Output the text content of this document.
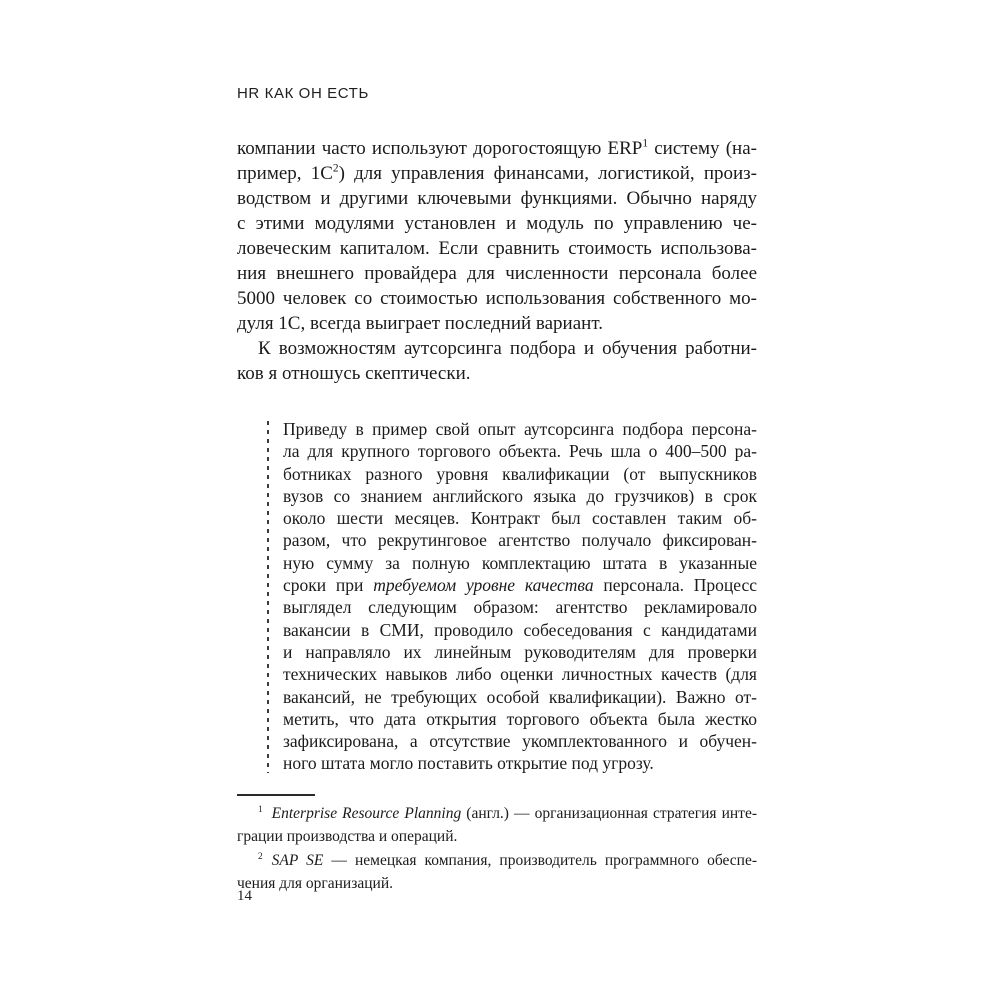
HR КАК ОН ЕСТЬ
компании часто используют дорогостоящую ERP$^1$ систему (на-
пример, $1С^2$) для управления финансами, логистикой, произ-
водством и другими ключевыми функциями. Обычно наряду
с этими модулями установлен и модуль по управлению че-
ловеческим капиталом. Если сравнить стоимость использова-
ния внешнего провайдера для численности персонала более
5000 человек со стоимостью использования собственного мо-
дуля 1С, всегда выиграет последний вариант.
К возможностям аутсорсинга подбора и обучения работни-
ков я отношусь скептически.
Приведу в пример свой опыт аутсорсинга подбора персона-
ла для крупного торгового объекта. Речь шла о 400–500 ра-
ботниках разного уровня квалификации (от выпускников
вузов со знанием английского языка до грузчиков) в срок
около шести месяцев. Контракт был составлен таким об-
разом, что рекрутинговое агентство получало фиксирован-
ную сумму за полную комплектацию штата в указанные
сроки при требуемом уровне качества персонала. Процесс
выглядел следующим образом: агентство рекламировало
вакансии в СМИ, проводило собеседования с кандидатами
и направляло их линейным руководителям для проверки
технических навыков либо оценки личностных качеств (для
вакансий, не требующих особой квалификации). Важно от-
метить, что дата открытия торгового объекта была жестко
зафиксирована, а отсутствие укомплектованного и обучен-
ного штата могло поставить открытие под угрозу.
$^1$ Enterprise Resource Planning (англ.) — организационная стратегия инте-
грации производства и операций.
$^2$ SAP SE — немецкая компания, производитель программного обеспе-
чения для организаций.
14
